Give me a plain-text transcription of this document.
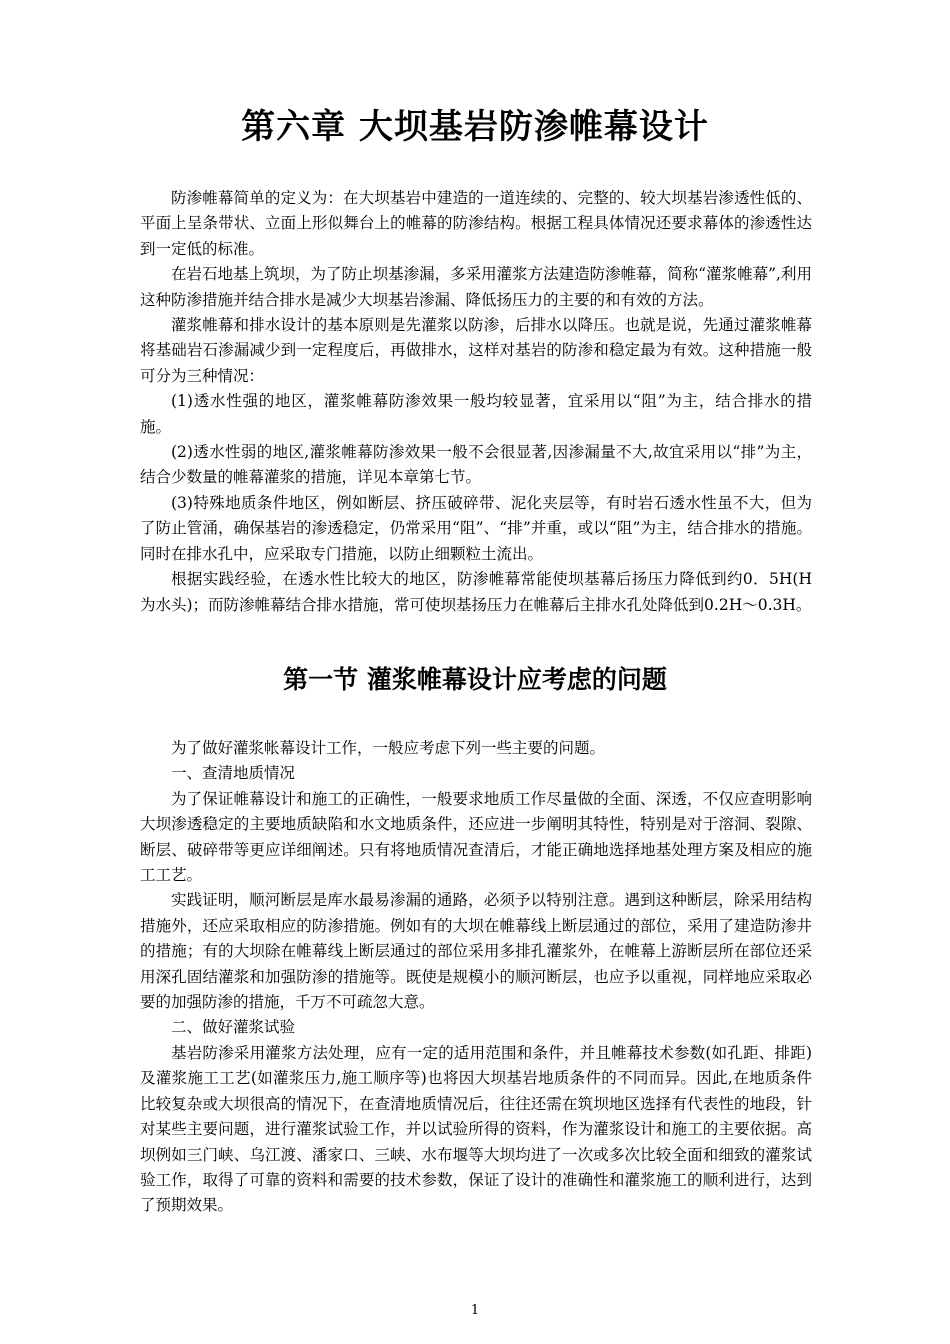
第六章 大坝基岩防渗帷幕设计

防渗帷幕简单的定义为：在大坝基岩中建造的一道连续的、完整的、较大坝基岩渗透性低的、平面上呈条带状、立面上形似舞台上的帷幕的防渗结构。根据工程具体情况还要求幕体的渗透性达到一定低的标准。

在岩石地基上筑坝，为了防止坝基渗漏，多采用灌浆方法建造防渗帷幕，简称“灌浆帷幕”,利用这种防渗措施并结合排水是减少大坝基岩渗漏、降低扬压力的主要的和有效的方法。

灌浆帷幕和排水设计的基本原则是先灌浆以防渗，后排水以降压。也就是说，先通过灌浆帷幕将基础岩石渗漏减少到一定程度后，再做排水，这样对基岩的防渗和稳定最为有效。这种措施一般可分为三种情况：

(1)透水性强的地区，灌浆帷幕防渗效果一般均较显著，宜采用以“阻”为主，结合排水的措施。

(2)透水性弱的地区,灌浆帷幕防渗效果一般不会很显著,因渗漏量不大,故宜采用以“排”为主，结合少数量的帷幕灌浆的措施，详见本章第七节。

(3)特殊地质条件地区，例如断层、挤压破碎带、泥化夹层等，有时岩石透水性虽不大，但为了防止管涌，确保基岩的渗透稳定，仍常采用“阻”、“排”并重，或以“阻”为主，结合排水的措施。同时在排水孔中，应采取专门措施，以防止细颗粒土流出。

根据实践经验，在透水性比较大的地区，防渗帷幕常能使坝基幕后扬压力降低到约0．5H(H为水头)；而防渗帷幕结合排水措施，常可使坝基扬压力在帷幕后主排水孔处降低到0.2H～0.3H。

第一节 灌浆帷幕设计应考虑的问题

为了做好灌浆帐幕设计工作，一般应考虑下列一些主要的问题。

一、查清地质情况

为了保证帷幕设计和施工的正确性，一般要求地质工作尽量做的全面、深透，不仅应查明影响大坝渗透稳定的主要地质缺陷和水文地质条件，还应进一步阐明其特性，特别是对于溶洞、裂隙、断层、破碎带等更应详细阐述。只有将地质情况查清后，才能正确地选择地基处理方案及相应的施工工艺。

实践证明，顺河断层是库水最易渗漏的通路，必须予以特别注意。遇到这种断层，除采用结构措施外，还应采取相应的防渗措施。例如有的大坝在帷幕线上断层通过的部位，采用了建造防渗井的措施；有的大坝除在帷幕线上断层通过的部位采用多排孔灌浆外，在帷幕上游断层所在部位还采用深孔固结灌浆和加强防渗的措施等。既使是规模小的顺河断层，也应予以重视，同样地应采取必要的加强防渗的措施，千万不可疏忽大意。

二、做好灌浆试验

基岩防渗采用灌浆方法处理，应有一定的适用范围和条件，并且帷幕技术参数(如孔距、排距)及灌浆施工工艺(如灌浆压力,施工顺序等)也将因大坝基岩地质条件的不同而异。因此,在地质条件比较复杂或大坝很高的情况下，在查清地质情况后，往往还需在筑坝地区选择有代表性的地段，针对某些主要问题，进行灌浆试验工作，并以试验所得的资料，作为灌浆设计和施工的主要依据。高坝例如三门峡、乌江渡、潘家口、三峡、水布堰等大坝均进了一次或多次比较全面和细致的灌浆试验工作，取得了可靠的资料和需要的技术参数，保证了设计的准确性和灌浆施工的顺利进行，达到了预期效果。

1
